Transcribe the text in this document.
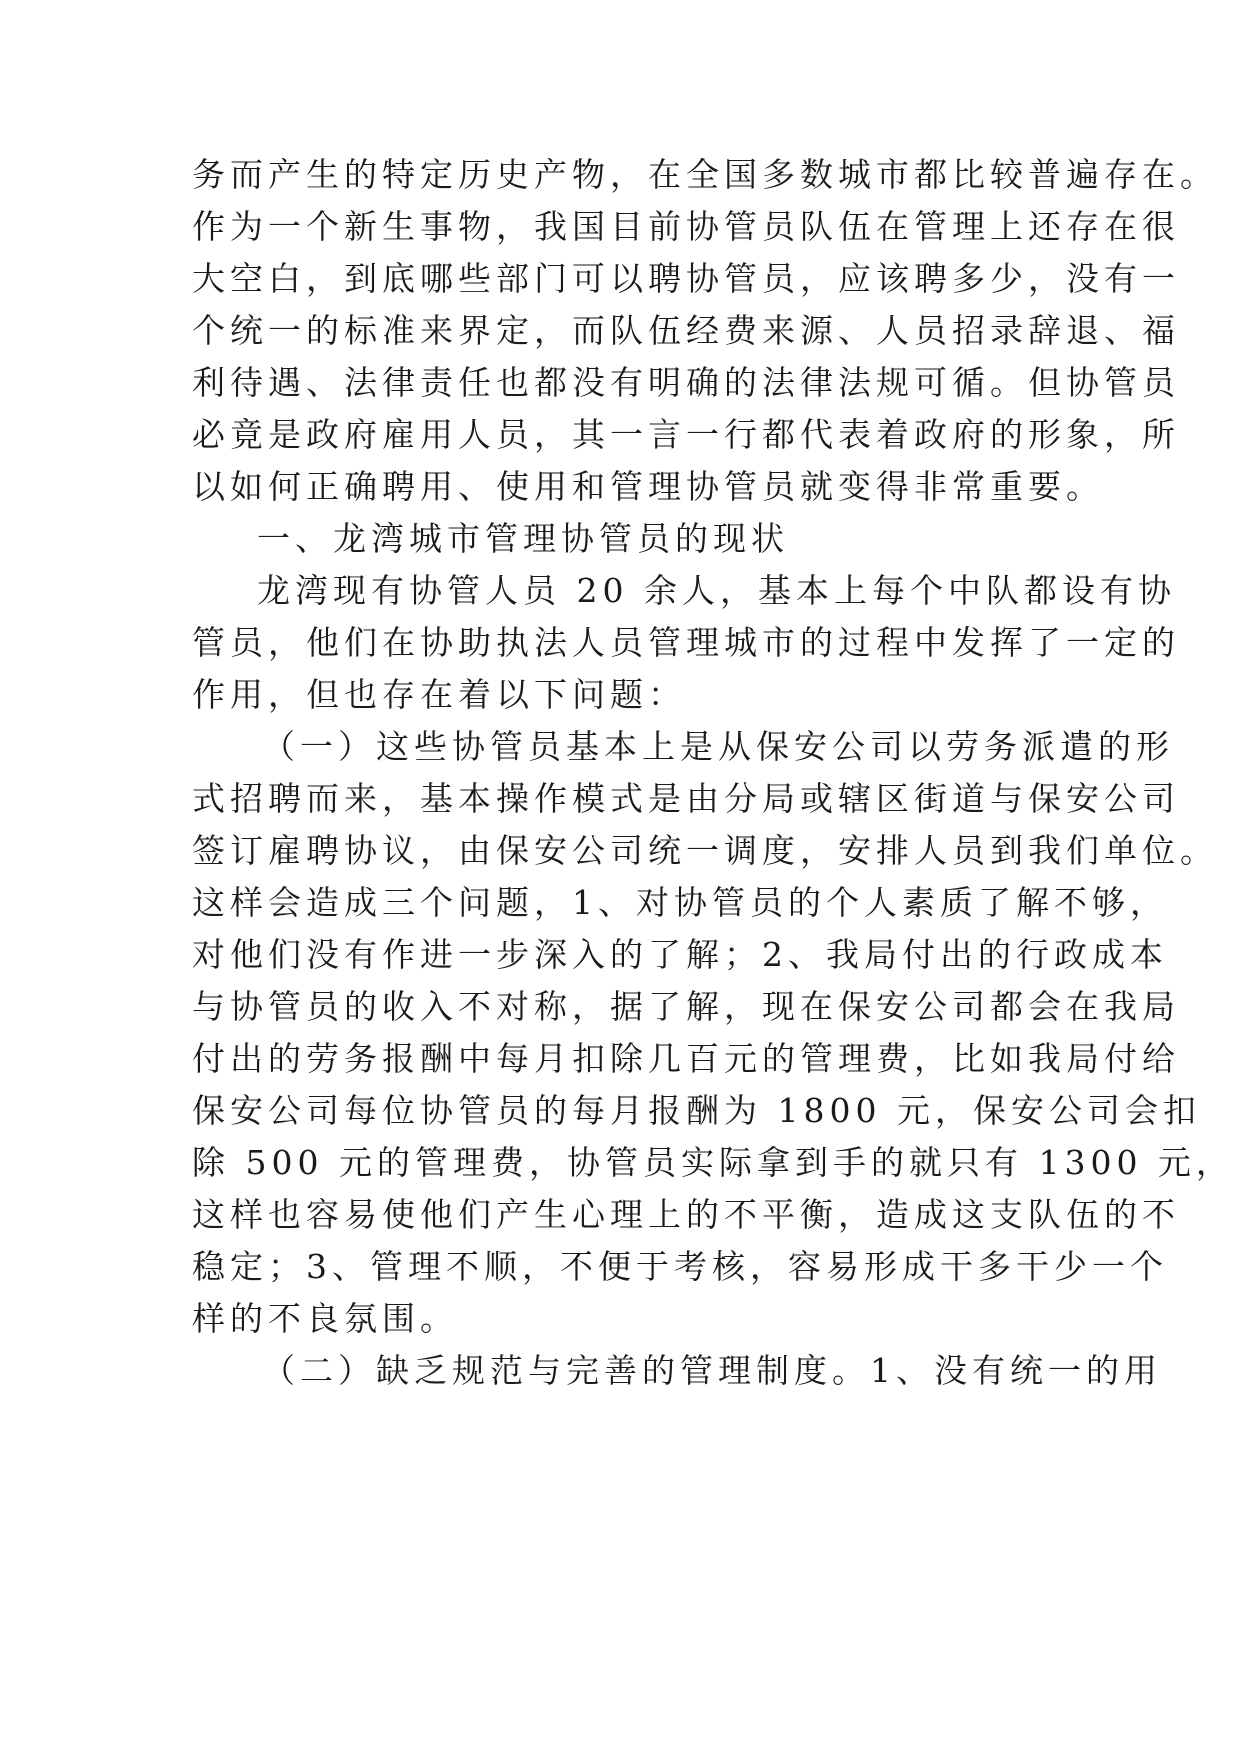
务而产生的特定历史产物，在全国多数城市都比较普遍存在。
作为一个新生事物，我国目前协管员队伍在管理上还存在很
大空白，到底哪些部门可以聘协管员，应该聘多少，没有一
个统一的标准来界定，而队伍经费来源、人员招录辞退、福
利待遇、法律责任也都没有明确的法律法规可循。但协管员
必竟是政府雇用人员，其一言一行都代表着政府的形象，所
以如何正确聘用、使用和管理协管员就变得非常重要。
一、龙湾城市管理协管员的现状
龙湾现有协管人员 20 余人，基本上每个中队都设有协
管员，他们在协助执法人员管理城市的过程中发挥了一定的
作用，但也存在着以下问题：
（一）这些协管员基本上是从保安公司以劳务派遣的形
式招聘而来，基本操作模式是由分局或辖区街道与保安公司
签订雇聘协议，由保安公司统一调度，安排人员到我们单位。
这样会造成三个问题，1、对协管员的个人素质了解不够，
对他们没有作进一步深入的了解；2、我局付出的行政成本
与协管员的收入不对称，据了解，现在保安公司都会在我局
付出的劳务报酬中每月扣除几百元的管理费，比如我局付给
保安公司每位协管员的每月报酬为 1800 元，保安公司会扣
除 500 元的管理费，协管员实际拿到手的就只有 1300 元，
这样也容易使他们产生心理上的不平衡，造成这支队伍的不
稳定；3、管理不顺，不便于考核，容易形成干多干少一个
样的不良氛围。
（二）缺乏规范与完善的管理制度。1、没有统一的用
